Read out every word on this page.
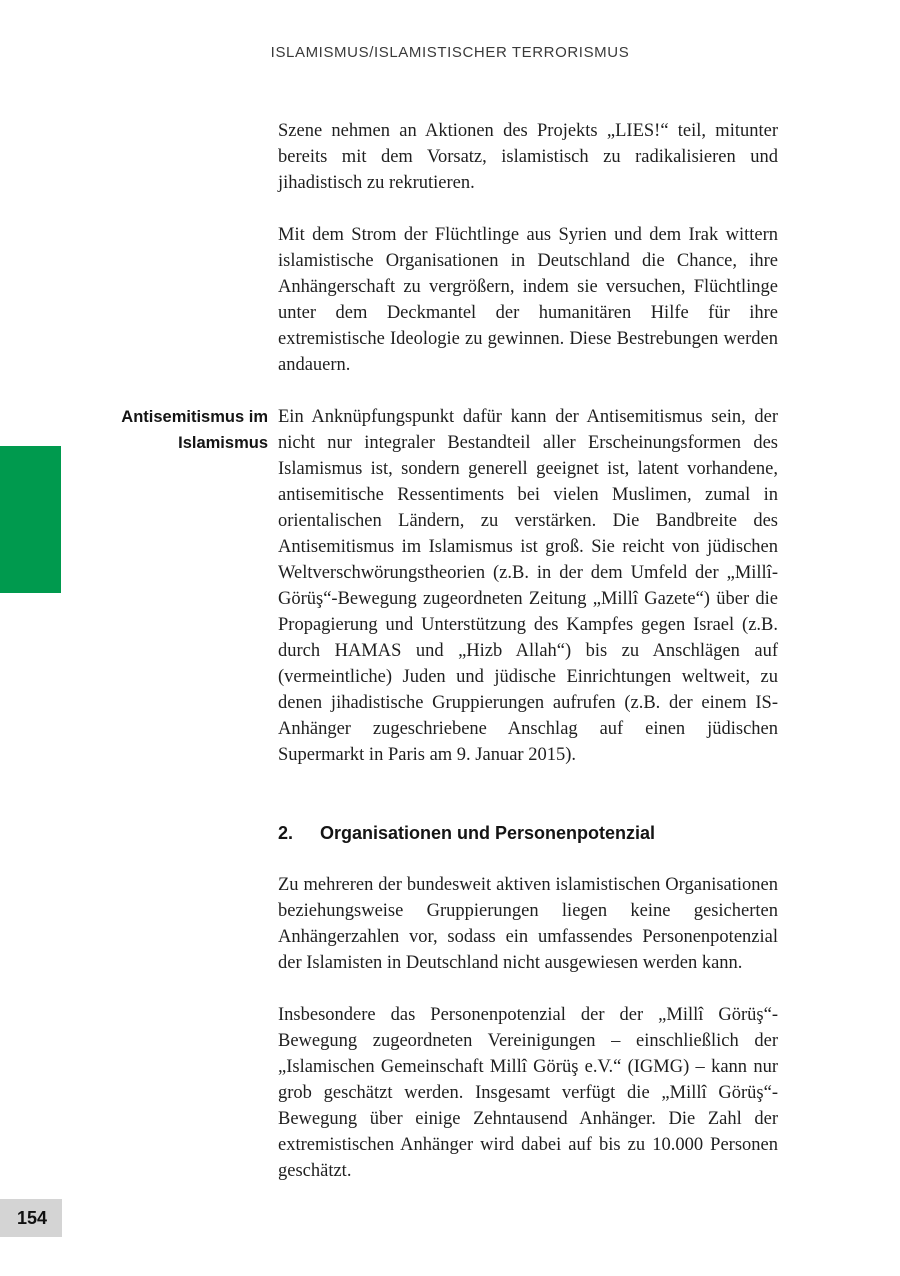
ISLAMISMUS/ISLAMISTISCHER TERRORISMUS
Antisemitismus im Islamismus

Szene nehmen an Aktionen des Projekts „LIES!“ teil, mitunter bereits mit dem Vorsatz, islamistisch zu radikalisieren und jihadistisch zu rekrutieren.

Mit dem Strom der Flüchtlinge aus Syrien und dem Irak wittern islamistische Organisationen in Deutschland die Chance, ihre Anhängerschaft zu vergrößern, indem sie versuchen, Flüchtlinge unter dem Deckmantel der humanitären Hilfe für ihre extremistische Ideologie zu gewinnen. Diese Bestrebungen werden andauern.

Ein Anknüpfungspunkt dafür kann der Antisemitismus sein, der nicht nur integraler Bestandteil aller Erscheinungsformen des Islamismus ist, sondern generell geeignet ist, latent vorhandene, antisemitische Ressentiments bei vielen Muslimen, zumal in orientalischen Ländern, zu verstärken. Die Bandbreite des Antisemitismus im Islamismus ist groß. Sie reicht von jüdischen Weltverschwörungstheorien (z.B. in der dem Umfeld der „Millî-Görüş“-Bewegung zugeordneten Zeitung „Millî Gazete“) über die Propagierung und Unterstützung des Kampfes gegen Israel (z.B. durch HAMAS und „Hizb Allah“) bis zu Anschlägen auf (vermeintliche) Juden und jüdische Einrichtungen weltweit, zu denen jihadistische Gruppierungen aufrufen (z.B. der einem IS-Anhänger zugeschriebene Anschlag auf einen jüdischen Supermarkt in Paris am 9. Januar 2015).

2.	Organisationen und Personenpotenzial

Zu mehreren der bundesweit aktiven islamistischen Organisationen beziehungsweise Gruppierungen liegen keine gesicherten Anhängerzahlen vor, sodass ein umfassendes Personenpotenzial der Islamisten in Deutschland nicht ausgewiesen werden kann.

Insbesondere das Personenpotenzial der der „Millî Görüş“-Bewegung zugeordneten Vereinigungen – einschließlich der „Islamischen Gemeinschaft Millî Görüş e.V.“ (IGMG) – kann nur grob geschätzt werden. Insgesamt verfügt die „Millî Görüş“-Bewegung über einige Zehntausend Anhänger. Die Zahl der extremistischen Anhänger wird dabei auf bis zu 10.000 Personen geschätzt.

154
